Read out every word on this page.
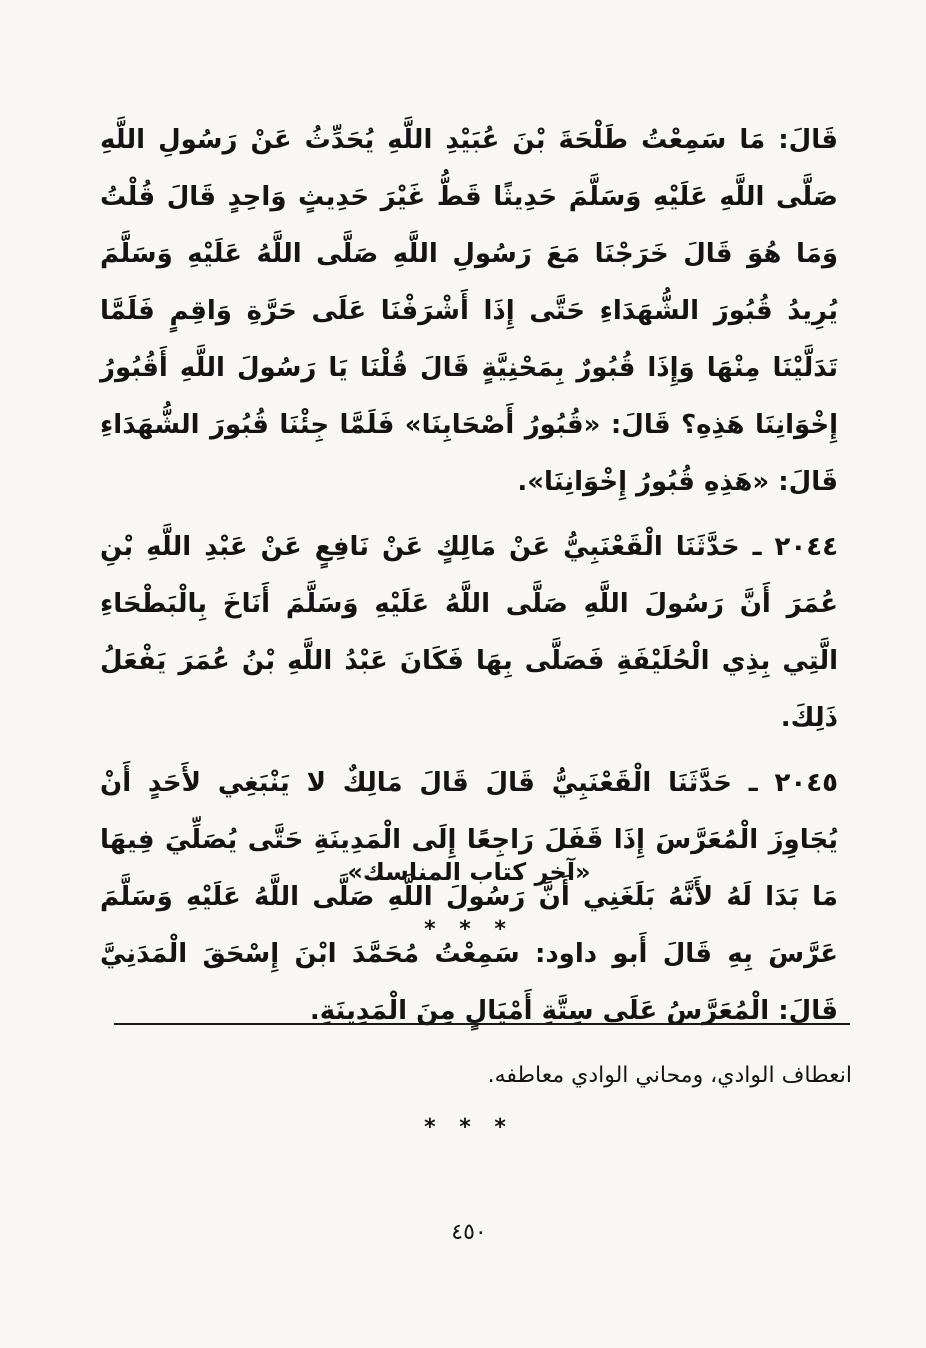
قَالَ: مَا سَمِعْتُ طَلْحَةَ بْنَ عُبَيْدِ اللَّهِ يُحَدِّثُ عَنْ رَسُولِ اللَّهِ صَلَّى اللَّهِ عَلَيْهِ وَسَلَّمَ حَدِيثًا قَطُّ غَيْرَ حَدِيثٍ وَاحِدٍ قَالَ قُلْتُ وَمَا هُوَ قَالَ خَرَجْنَا مَعَ رَسُولِ اللَّهِ صَلَّى اللَّهُ عَلَيْهِ وَسَلَّمَ يُرِيدُ قُبُورَ الشُّهَدَاءِ حَتَّى إِذَا أَشْرَفْنَا عَلَى حَرَّةِ وَاقِمٍ فَلَمَّا تَدَلَّيْنَا مِنْهَا وَإِذَا قُبُورٌ بِمَحْنِيَّةٍ قَالَ قُلْنَا يَا رَسُولَ اللَّهِ أَقُبُورُ إِخْوَانِنَا هَذِهِ؟ قَالَ: «قُبُورُ أَصْحَابِنَا» فَلَمَّا جِئْنَا قُبُورَ الشُّهَدَاءِ قَالَ: «هَذِهِ قُبُورُ إِخْوَانِنَا».

٢٠٤٤ ـ حَدَّثَنَا الْقَعْنَبِيُّ عَنْ مَالِكٍ عَنْ نَافِعٍ عَنْ عَبْدِ اللَّهِ بْنِ عُمَرَ أَنَّ رَسُولَ اللَّهِ صَلَّى اللَّهُ عَلَيْهِ وَسَلَّمَ أَنَاخَ بِالْبَطْحَاءِ الَّتِي بِذِي الْحُلَيْفَةِ فَصَلَّى بِهَا فَكَانَ عَبْدُ اللَّهِ بْنُ عُمَرَ يَفْعَلُ ذَلِكَ.

٢٠٤٥ ـ حَدَّثَنَا الْقَعْنَبِيُّ قَالَ قَالَ مَالِكٌ لا يَنْبَغِي لأَحَدٍ أَنْ يُجَاوِزَ الْمُعَرَّسَ إِذَا قَفَلَ رَاجِعًا إِلَى الْمَدِينَةِ حَتَّى يُصَلِّيَ فِيهَا مَا بَدَا لَهُ لأَنَّهُ بَلَغَنِي أَنَّ رَسُولَ اللَّهِ صَلَّى اللَّهُ عَلَيْهِ وَسَلَّمَ عَرَّسَ بِهِ قَالَ أَبو داود: سَمِعْتُ مُحَمَّدَ ابْنَ إِسْحَقَ الْمَدَنِيَّ قَالَ: الْمُعَرَّسُ عَلَى سِتَّةِ أَمْيَالٍ مِنَ الْمَدِينَةِ.

«آخر كتاب المناسك»
* * *
انعطاف الوادي، ومحاني الوادي معاطفه.
* * *
٤٥٠
